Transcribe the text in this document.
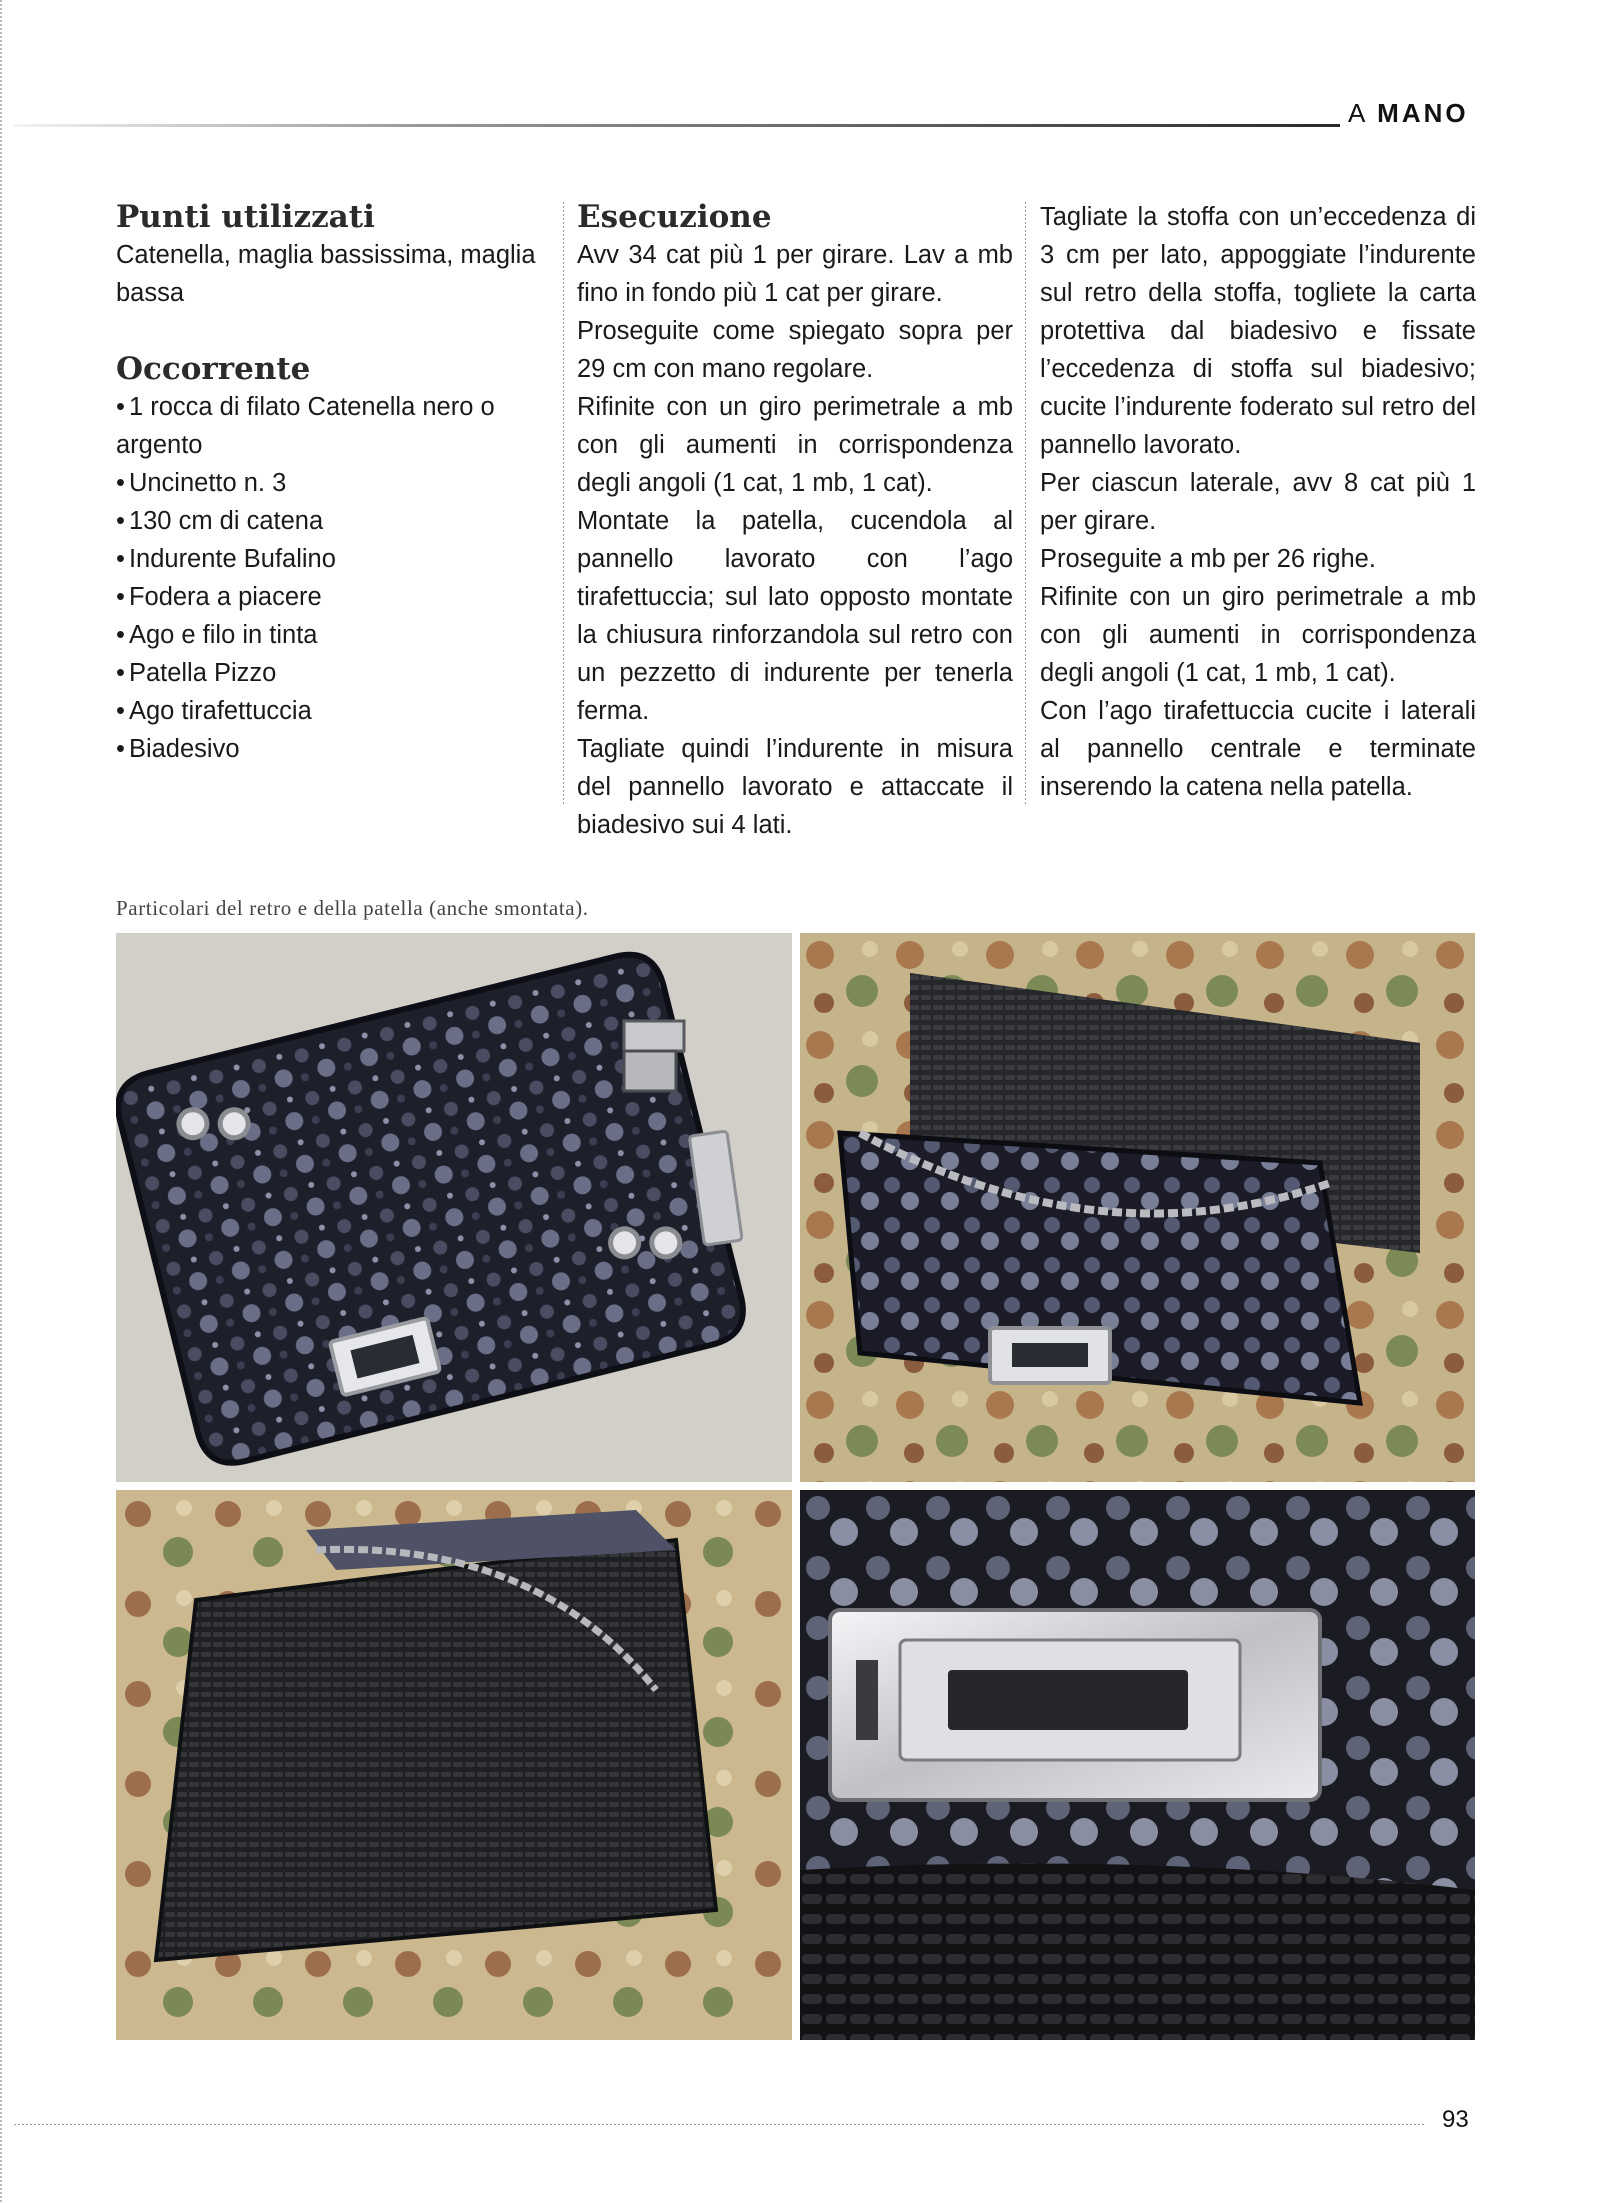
A MANO
Punti utilizzati

Catenella, maglia bassissima, maglia bassa

Occorrente
• 1 rocca di filato Catenella nero o argento
• Uncinetto n. 3
• 130 cm di catena
• Indurente Bufalino
• Fodera a piacere
• Ago e filo in tinta
• Patella Pizzo
• Ago tirafettuccia
• Biadesivo
Esecuzione

Avv 34 cat più 1 per girare. Lav a mb fino in fondo più 1 cat per girare.

Proseguite come spiegato sopra per 29 cm con mano regolare.

Rifinite con un giro perimetrale a mb con gli aumenti in corrispondenza degli angoli (1 cat, 1 mb, 1 cat).

Montate la patella, cucendola al pannello lavorato con l’ago tirafettuccia; sul lato opposto montate la chiusura rinforzandola sul retro con un pezzetto di indurente per tenerla ferma.

Tagliate quindi l’indurente in misura del pannello lavorato e attaccate il biadesivo sui 4 lati.

Tagliate la stoffa con un’eccedenza di 3 cm per lato, appoggiate l’indurente sul retro della stoffa, togliete la carta protettiva dal biadesivo e fissate l’eccedenza di stoffa sul biadesivo; cucite l’indurente foderato sul retro del pannello lavorato.

Per ciascun laterale, avv 8 cat più 1 per girare.

Proseguite a mb per 26 righe.

Rifinite con un giro perimetrale a mb con gli aumenti in corrispondenza degli angoli (1 cat, 1 mb, 1 cat).

Con l’ago tirafettuccia cucite i laterali al pannello centrale e terminate inserendo la catena nella patella.

Particolari del retro e della patella (anche smontata).
93
